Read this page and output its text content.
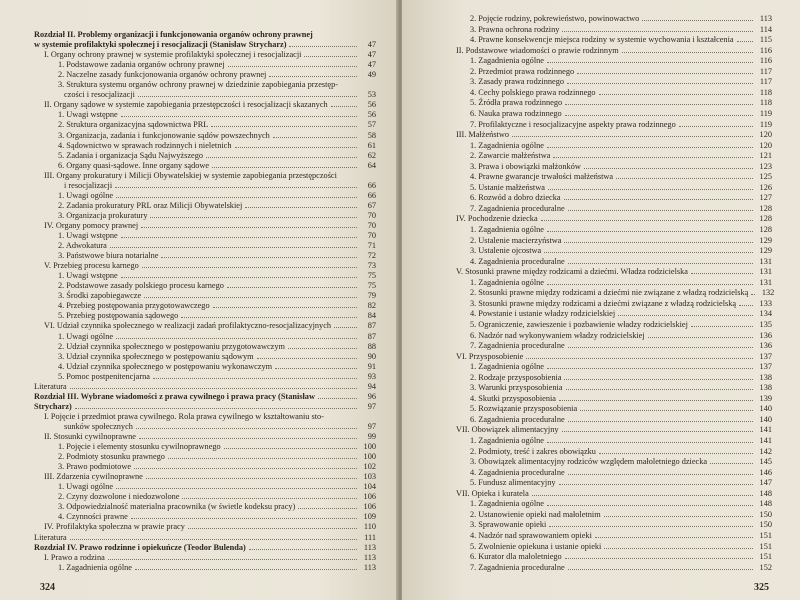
Rozdział II. Problemy organizacji i funkcjonowania organów ochrony prawnej
w systemie profilaktyki społecznej i resocjalizacji (Stanisław Strycharz)	47
I. Organy ochrony prawnej w systemie profilaktyki społecznej i resocjalizacji	47
1. Podstawowe zadania organów ochrony prawnej	47
2. Naczelne zasady funkcjonowania organów ochrony prawnej	49
3. Struktura systemu organów ochrony prawnej w dziedzinie zapobiegania przestęp-
czości i resocjalizacji	53
II. Organy sądowe w systemie zapobiegania przestępczości i resocjalizacji skazanych	56
1. Uwagi wstępne	56
2. Struktura organizacyjna sądownictwa PRL	57
3. Organizacja, zadania i funkcjonowanie sądów powszechnych	58
4. Sądownictwo w sprawach rodzinnych i nieletnich	61
5. Zadania i organizacja Sądu Najwyższego	62
6. Organy quasi-sądowe. Inne organy sądowe	64
III. Organy prokuratury i Milicji Obywatelskiej w systemie zapobiegania przestępczości
i resocjalizacji	66
1. Uwagi ogólne	66
2. Zadania prokuratury PRL oraz Milicji Obywatelskiej	67
3. Organizacja prokuratury	70
IV. Organy pomocy prawnej	70
1. Uwagi wstępne	70
2. Adwokatura	71
3. Państwowe biura notarialne	72
V. Przebieg procesu karnego	73
1. Uwagi wstępne	75
2. Podstawowe zasady polskiego procesu karnego	75
3. Środki zapobiegawcze	79
4. Przebieg postępowania przygotowawczego	82
5. Przebieg postępowania sądowego	84
VI. Udział czynnika społecznego w realizacji zadań profilaktyczno-resocjalizacyjnych	87
1. Uwagi ogólne	87
2. Udział czynnika społecznego w postępowaniu przygotowawczym	88
3. Udział czynnika społecznego w postępowaniu sądowym	90
4. Udział czynnika społecznego w postępowaniu wykonawczym	91
5. Pomoc postpenitencjarna	93
Literatura	94
Rozdział III. Wybrane wiadomości z prawa cywilnego i prawa pracy (Stanisław	96
Strycharz)	97
I. Pojęcie i przedmiot prawa cywilnego. Rola prawa cywilnego w kształtowaniu sto-
sunków społecznych	97
II. Stosunki cywilnoprawne	99
1. Pojęcie i elementy stosunku cywilnoprawnego	100
2. Podmioty stosunku prawnego	100
3. Prawo podmiotowe	102
III. Zdarzenia cywilnoprawne	103
1. Uwagi ogólne	104
2. Czyny dozwolone i niedozwolone	106
3. Odpowiedzialność materialna pracownika (w świetle kodeksu pracy)	106
4. Czynności prawne	109
IV. Profilaktyka społeczna w prawie pracy	110
Literatura	111
Rozdział IV. Prawo rodzinne i opiekuńcze (Teodor Bulenda)	113
I. Prawo a rodzina	113
1. Zagadnienia ogólne	113
324
2. Pojęcie rodziny, pokrewieństwo, powinowactwo	113
3. Prawna ochrona rodziny	114
4. Prawne konsekwencje miejsca rodziny w systemie wychowania i kształcenia	115
II. Podstawowe wiadomości o prawie rodzinnym	116
1. Zagadnienia ogólne	116
2. Przedmiot prawa rodzinnego	117
3. Zasady prawa rodzinnego	117
4. Cechy polskiego prawa rodzinnego	118
5. Źródła prawa rodzinnego	118
6. Nauka prawa rodzinnego	119
7. Profilaktyczne i resocjalizacyjne aspekty prawa rodzinnego	119
III. Małżeństwo	120
1. Zagadnienia ogólne	120
2. Zawarcie małżeństwa	121
3. Prawa i obowiązki małżonków	123
4. Prawne gwarancje trwałości małżeństwa	125
5. Ustanie małżeństwa	126
6. Rozwód a dobro dziecka	127
7. Zagadnienia proceduralne	128
IV. Pochodzenie dziecka	128
1. Zagadnienia ogólne	128
2. Ustalenie macierzyństwa	129
3. Ustalenie ojcostwa	129
4. Zagadnienia proceduralne	131
V. Stosunki prawne między rodzicami a dziećmi. Władza rodzicielska	131
1. Zagadnienia ogólne	131
2. Stosunki prawne między rodzicami a dziećmi nie związane z władzą rodzicielską	132
3. Stosunki prawne między rodzicami a dziećmi związane z władzą rodzicielską	133
4. Powstanie i ustanie władzy rodzicielskiej	134
5. Ograniczenie, zawieszenie i pozbawienie władzy rodzicielskiej	135
6. Nadzór nad wykonywaniem władzy rodzicielskiej	136
7. Zagadnienia proceduralne	136
VI. Przysposobienie	137
1. Zagadnienia ogólne	137
2. Rodzaje przysposobienia	138
3. Warunki przysposobienia	138
4. Skutki przysposobienia	139
5. Rozwiązanie przysposobienia	140
6. Zagadnienia proceduralne	140
VII. Obowiązek alimentacyjny	141
1. Zagadnienia ogólne	141
2. Podmioty, treść i zakres obowiązku	142
3. Obowiązek alimentacyjny rodziców względem małoletniego dziecka	145
4. Zagadnienia proceduralne	146
5. Fundusz alimentacyjny	147
VII. Opieka i kuratela	148
1. Zagadnienia ogólne	148
2. Ustanowienie opieki nad małoletnim	150
3. Sprawowanie opieki	150
4. Nadzór nad sprawowaniem opieki	151
5. Zwolnienie opiekuna i ustanie opieki	151
6. Kurator dla małoletniego	151
7. Zagadnienia proceduralne	152
325
